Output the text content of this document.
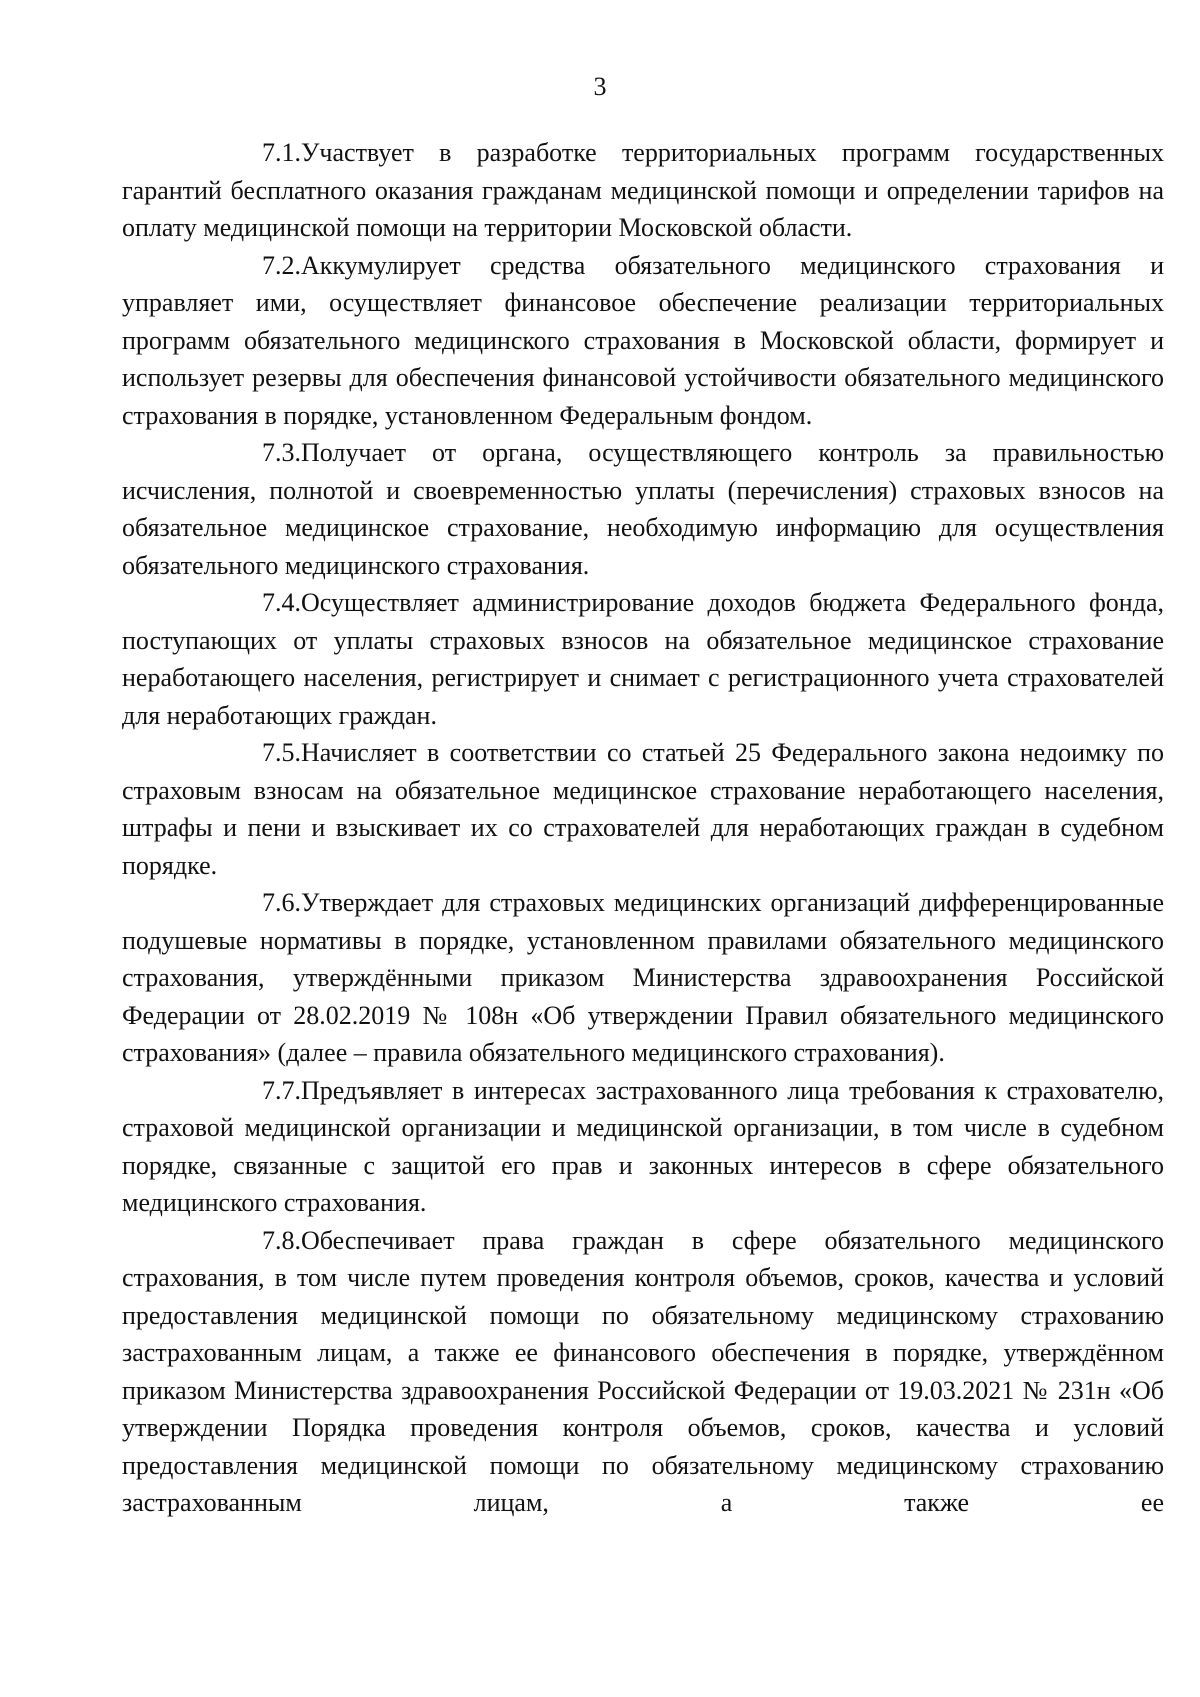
3

7.1.Участвует в разработке территориальных программ государственных гарантий бесплатного оказания гражданам медицинской помощи и определении тарифов на оплату медицинской помощи на территории Московской области.

7.2.Аккумулирует средства обязательного медицинского страхования и управляет ими, осуществляет финансовое обеспечение реализации территориальных программ обязательного медицинского страхования в Московской области, формирует и использует резервы для обеспечения финансовой устойчивости обязательного медицинского страхования в порядке, установленном Федеральным фондом.

7.3.Получает от органа, осуществляющего контроль за правильностью исчисления, полнотой и своевременностью уплаты (перечисления) страховых взносов на обязательное медицинское страхование, необходимую информацию для осуществления обязательного медицинского страхования.

7.4.Осуществляет администрирование доходов бюджета Федерального фонда, поступающих от уплаты страховых взносов на обязательное медицинское страхование неработающего населения, регистрирует и снимает с регистрационного учета страхователей для неработающих граждан.

7.5.Начисляет в соответствии со статьей 25 Федерального закона недоимку по страховым взносам на обязательное медицинское страхование неработающего населения, штрафы и пени и взыскивает их со страхователей для неработающих граждан в судебном порядке.

7.6.Утверждает для страховых медицинских организаций дифференцированные подушевые нормативы в порядке, установленном правилами обязательного медицинского страхования, утверждёнными приказом Министерства здравоохранения Российской Федерации от 28.02.2019 № 108н «Об утверждении Правил обязательного медицинского страхования» (далее – правила обязательного медицинского страхования).

7.7.Предъявляет в интересах застрахованного лица требования к страхователю, страховой медицинской организации и медицинской организации, в том числе в судебном порядке, связанные с защитой его прав и законных интересов в сфере обязательного медицинского страхования.

7.8.Обеспечивает права граждан в сфере обязательного медицинского страхования, в том числе путем проведения контроля объемов, сроков, качества и условий предоставления медицинской помощи по обязательному медицинскому страхованию застрахованным лицам, а также ее финансового обеспечения в порядке, утверждённом приказом Министерства здравоохранения Российской Федерации от 19.03.2021 № 231н «Об утверждении Порядка проведения контроля объемов, сроков, качества и условий предоставления медицинской помощи по обязательному медицинскому страхованию застрахованным лицам, а также ее
